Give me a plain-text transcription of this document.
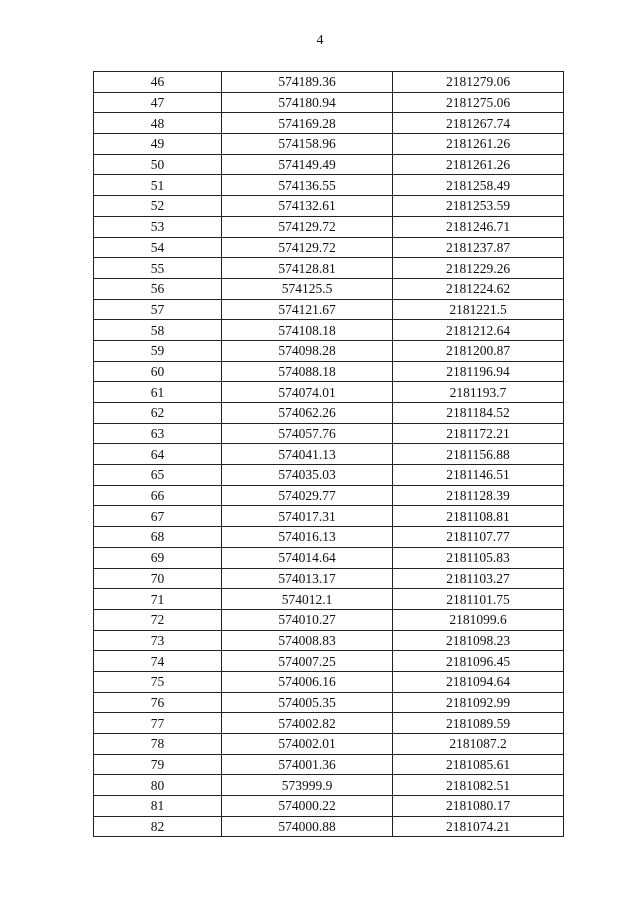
4
46	574189.36	2181279.06
47	574180.94	2181275.06
48	574169.28	2181267.74
49	574158.96	2181261.26
50	574149.49	2181261.26
51	574136.55	2181258.49
52	574132.61	2181253.59
53	574129.72	2181246.71
54	574129.72	2181237.87
55	574128.81	2181229.26
56	574125.5	2181224.62
57	574121.67	2181221.5
58	574108.18	2181212.64
59	574098.28	2181200.87
60	574088.18	2181196.94
61	574074.01	2181193.7
62	574062.26	2181184.52
63	574057.76	2181172.21
64	574041.13	2181156.88
65	574035.03	2181146.51
66	574029.77	2181128.39
67	574017.31	2181108.81
68	574016.13	2181107.77
69	574014.64	2181105.83
70	574013.17	2181103.27
71	574012.1	2181101.75
72	574010.27	2181099.6
73	574008.83	2181098.23
74	574007.25	2181096.45
75	574006.16	2181094.64
76	574005.35	2181092.99
77	574002.82	2181089.59
78	574002.01	2181087.2
79	574001.36	2181085.61
80	573999.9	2181082.51
81	574000.22	2181080.17
82	574000.88	2181074.21
